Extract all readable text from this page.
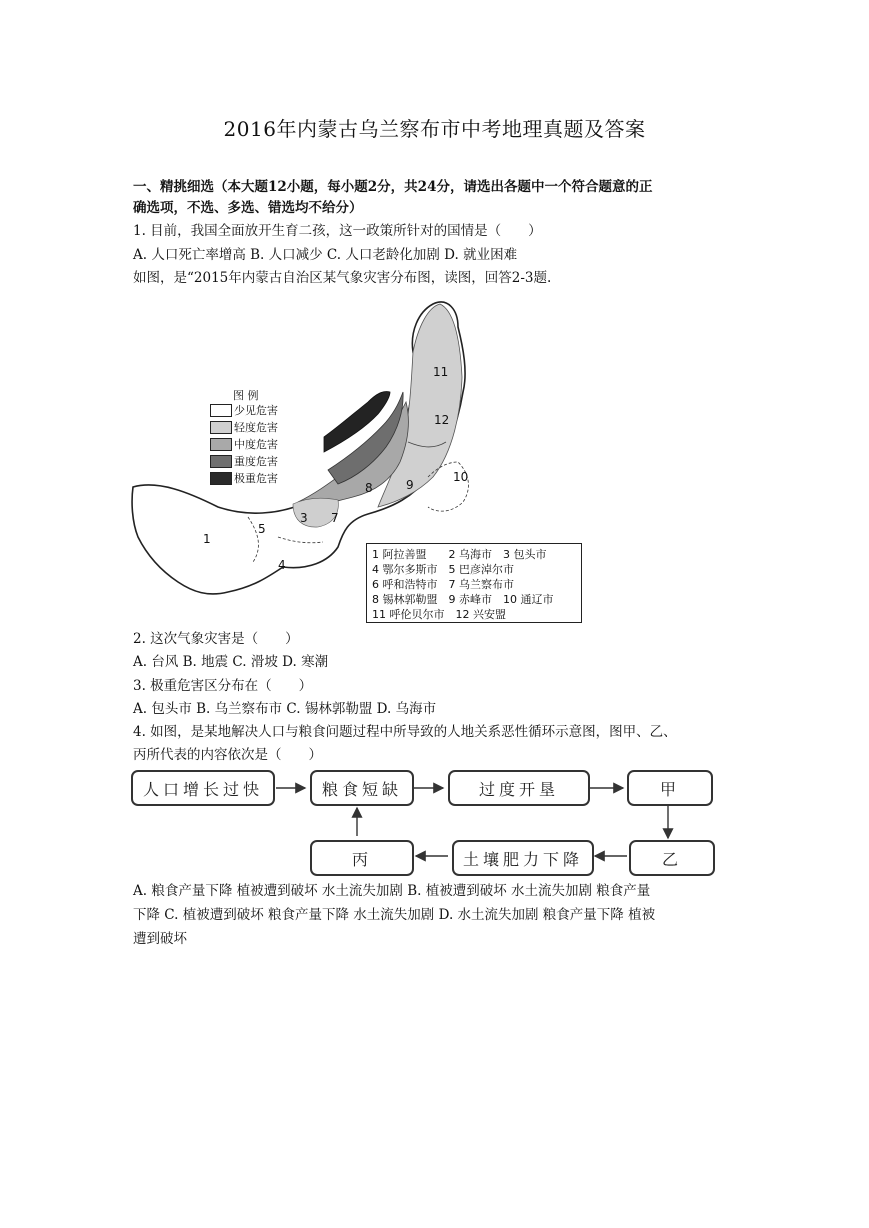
2016年内蒙古乌兰察布市中考地理真题及答案
一、精挑细选（本大题12小题，每小题2分，共24分，请选出各题中一个符合题意的正
确选项，不选、多选、错选均不给分）
1. 目前，我国全面放开生育二孩，这一政策所针对的国情是（　　）
A. 人口死亡率增高 B. 人口减少 C. 人口老龄化加剧 D. 就业困难
如图，是“2015年内蒙古自治区某气象灾害分布图，读图，回答2-3题.
11
12
9
10
8
3 7
1
5
4
图 例
少见危害
轻度危害
中度危害
重度危害
极重危害
1 阿拉善盟　　2 乌海市　3 包头市
4 鄂尔多斯市　5 巴彦淖尔市
6 呼和浩特市　7 乌兰察布市
8 锡林郭勒盟　9 赤峰市　10 通辽市
11 呼伦贝尔市　12 兴安盟
2. 这次气象灾害是（　　）
A. 台风 B. 地震 C. 滑坡 D. 寒潮
3. 极重危害区分布在（　　）
A. 包头市 B. 乌兰察布市 C. 锡林郭勒盟 D. 乌海市
4. 如图，是某地解决人口与粮食问题过程中所导致的人地关系恶性循环示意图，图甲、乙、
丙所代表的内容依次是（　　）
人口增长过快	粮食短缺	过度开垦	甲
乙
土壤肥力下降
丙
A. 粮食产量下降 植被遭到破坏 水土流失加剧 B. 植被遭到破坏 水土流失加剧 粮食产量
下降 C. 植被遭到破坏 粮食产量下降 水土流失加剧 D. 水土流失加剧 粮食产量下降 植被
遭到破坏
